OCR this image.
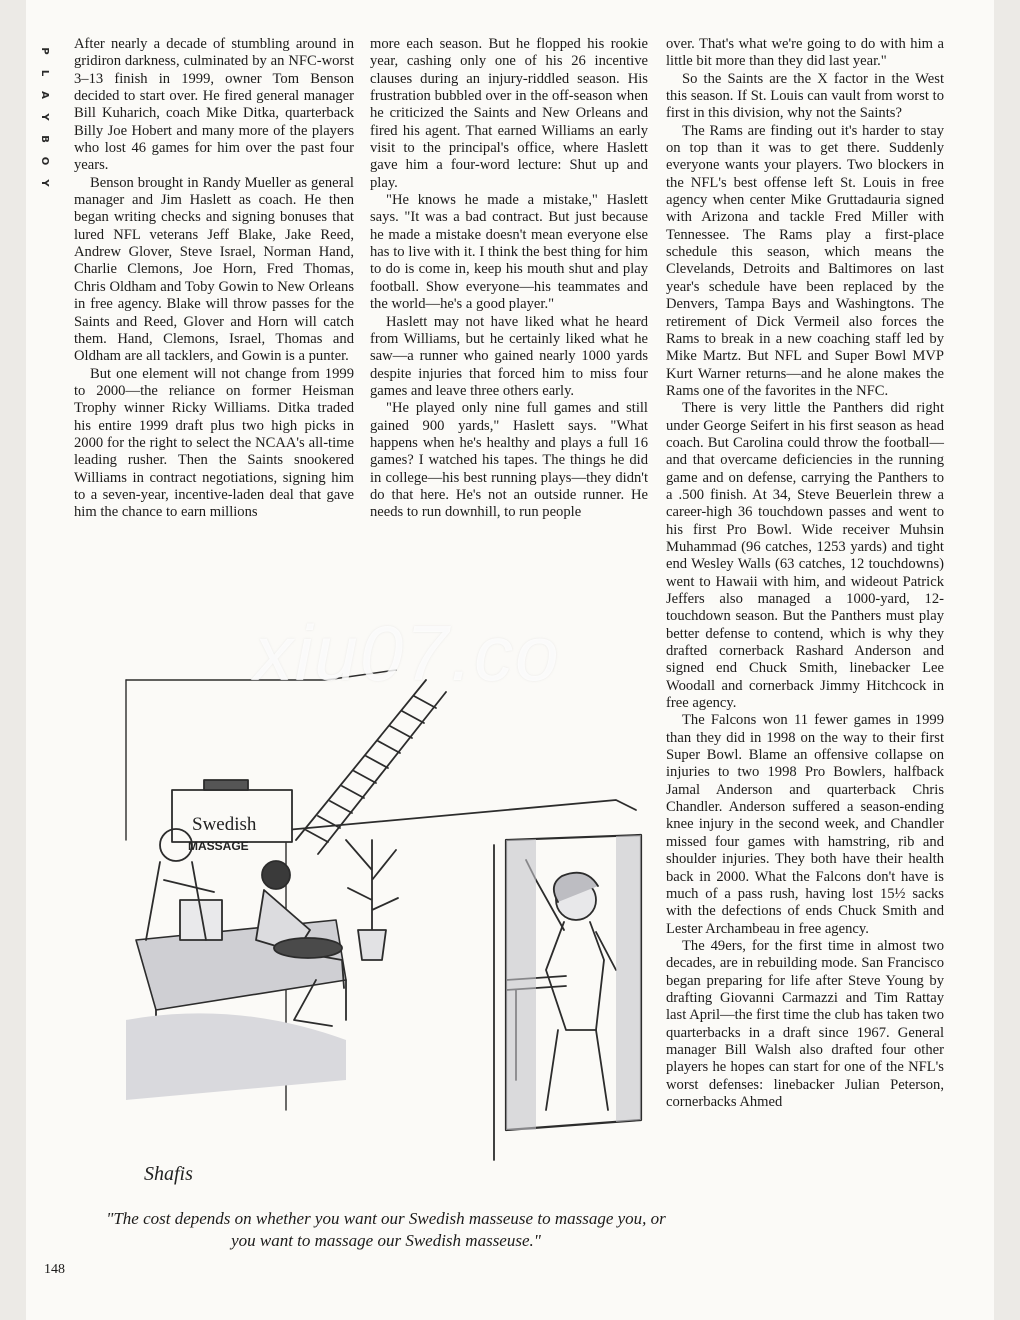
P
L
A
Y
B
O
Y

After nearly a decade of stumbling around in gridiron darkness, culminated by an NFC-worst 3–13 finish in 1999, owner Tom Benson decided to start over. He fired general manager Bill Kuharich, coach Mike Ditka, quarterback Billy Joe Hobert and many more of the players who lost 46 games for him over the past four years.

Benson brought in Randy Mueller as general manager and Jim Haslett as coach. He then began writing checks and signing bonuses that lured NFL veterans Jeff Blake, Jake Reed, Andrew Glover, Steve Israel, Norman Hand, Charlie Clemons, Joe Horn, Fred Thomas, Chris Oldham and Toby Gowin to New Orleans in free agency. Blake will throw passes for the Saints and Reed, Glover and Horn will catch them. Hand, Clemons, Israel, Thomas and Oldham are all tacklers, and Gowin is a punter.

But one element will not change from 1999 to 2000—the reliance on former Heisman Trophy winner Ricky Williams. Ditka traded his entire 1999 draft plus two high picks in 2000 for the right to select the NCAA's all-time leading rusher. Then the Saints snookered Williams in contract negotiations, signing him to a seven-year, incentive-laden deal that gave him the chance to earn millions

more each season. But he flopped his rookie year, cashing only one of his 26 incentive clauses during an injury-riddled season. His frustration bubbled over in the off-season when he criticized the Saints and New Orleans and fired his agent. That earned Williams an early visit to the principal's office, where Haslett gave him a four-word lecture: Shut up and play.

"He knows he made a mistake," Haslett says. "It was a bad contract. But just because he made a mistake doesn't mean everyone else has to live with it. I think the best thing for him to do is come in, keep his mouth shut and play football. Show everyone—his teammates and the world—he's a good player."

Haslett may not have liked what he heard from Williams, but he certainly liked what he saw—a runner who gained nearly 1000 yards despite injuries that forced him to miss four games and leave three others early.

"He played only nine full games and still gained 900 yards," Haslett says. "What happens when he's healthy and plays a full 16 games? I watched his tapes. The things he did in college—his best running plays—they didn't do that here. He's not an outside runner. He needs to run downhill, to run people

over. That's what we're going to do with him a little bit more than they did last year."

So the Saints are the X factor in the West this season. If St. Louis can vault from worst to first in this division, why not the Saints?

The Rams are finding out it's harder to stay on top than it was to get there. Suddenly everyone wants your players. Two blockers in the NFL's best offense left St. Louis in free agency when center Mike Gruttadauria signed with Arizona and tackle Fred Miller with Tennessee. The Rams play a first-place schedule this season, which means the Clevelands, Detroits and Baltimores on last year's schedule have been replaced by the Denvers, Tampa Bays and Washingtons. The retirement of Dick Vermeil also forces the Rams to break in a new coaching staff led by Mike Martz. But NFL and Super Bowl MVP Kurt Warner returns—and he alone makes the Rams one of the favorites in the NFC.

There is very little the Panthers did right under George Seifert in his first season as head coach. But Carolina could throw the football—and that overcame deficiencies in the running game and on defense, carrying the Panthers to a .500 finish. At 34, Steve Beuerlein threw a career-high 36 touchdown passes and went to his first Pro Bowl. Wide receiver Muhsin Muhammad (96 catches, 1253 yards) and tight end Wesley Walls (63 catches, 12 touchdowns) went to Hawaii with him, and wideout Patrick Jeffers also managed a 1000-yard, 12-touchdown season. But the Panthers must play better defense to contend, which is why they drafted cornerback Rashard Anderson and signed end Chuck Smith, linebacker Lee Woodall and cornerback Jimmy Hitchcock in free agency.

The Falcons won 11 fewer games in 1999 than they did in 1998 on the way to their first Super Bowl. Blame an offensive collapse on injuries to two 1998 Pro Bowlers, halfback Jamal Anderson and quarterback Chris Chandler. Anderson suffered a season-ending knee injury in the second week, and Chandler missed four games with hamstring, rib and shoulder injuries. They both have their health back in 2000. What the Falcons don't have is much of a pass rush, having lost 15½ sacks with the defections of ends Chuck Smith and Lester Archambeau in free agency.

The 49ers, for the first time in almost two decades, are in rebuilding mode. San Francisco began preparing for life after Steve Young by drafting Giovanni Carmazzi and Tim Rattay last April—the first time the club has taken two quarterbacks in a draft since 1967. General manager Bill Walsh also drafted four other players he hopes can start for one of the NFL's worst defenses: linebacker Julian Peterson, cornerbacks Ahmed

Swedish
MASSAGE
Shafis
xiu07.co
"The cost depends on whether you want our Swedish masseuse to massage you, or you want to massage our Swedish masseuse."
148
